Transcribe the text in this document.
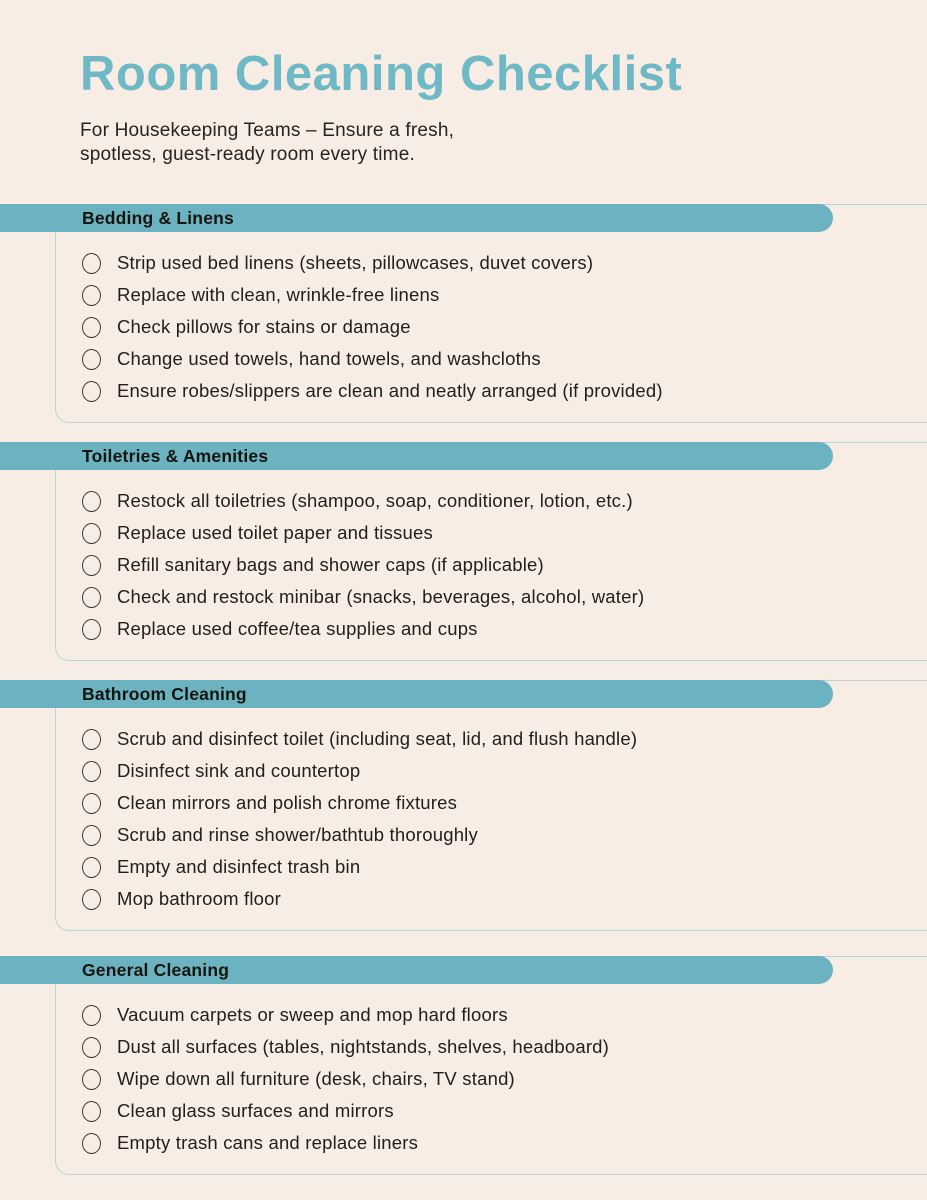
Room Cleaning Checklist
For Housekeeping Teams – Ensure a fresh,
spotless, guest-ready room every time.
Bedding & Linens
Strip used bed linens (sheets, pillowcases, duvet covers)
Replace with clean, wrinkle-free linens
Check pillows for stains or damage
Change used towels, hand towels, and washcloths
Ensure robes/slippers are clean and neatly arranged (if provided)
Toiletries & Amenities
Restock all toiletries (shampoo, soap, conditioner, lotion, etc.)
Replace used toilet paper and tissues
Refill sanitary bags and shower caps (if applicable)
Check and restock minibar (snacks, beverages, alcohol, water)
Replace used coffee/tea supplies and cups
Bathroom Cleaning
Scrub and disinfect toilet (including seat, lid, and flush handle)
Disinfect sink and countertop
Clean mirrors and polish chrome fixtures
Scrub and rinse shower/bathtub thoroughly
Empty and disinfect trash bin
Mop bathroom floor
General Cleaning
Vacuum carpets or sweep and mop hard floors
Dust all surfaces (tables, nightstands, shelves, headboard)
Wipe down all furniture (desk, chairs, TV stand)
Clean glass surfaces and mirrors
Empty trash cans and replace liners
